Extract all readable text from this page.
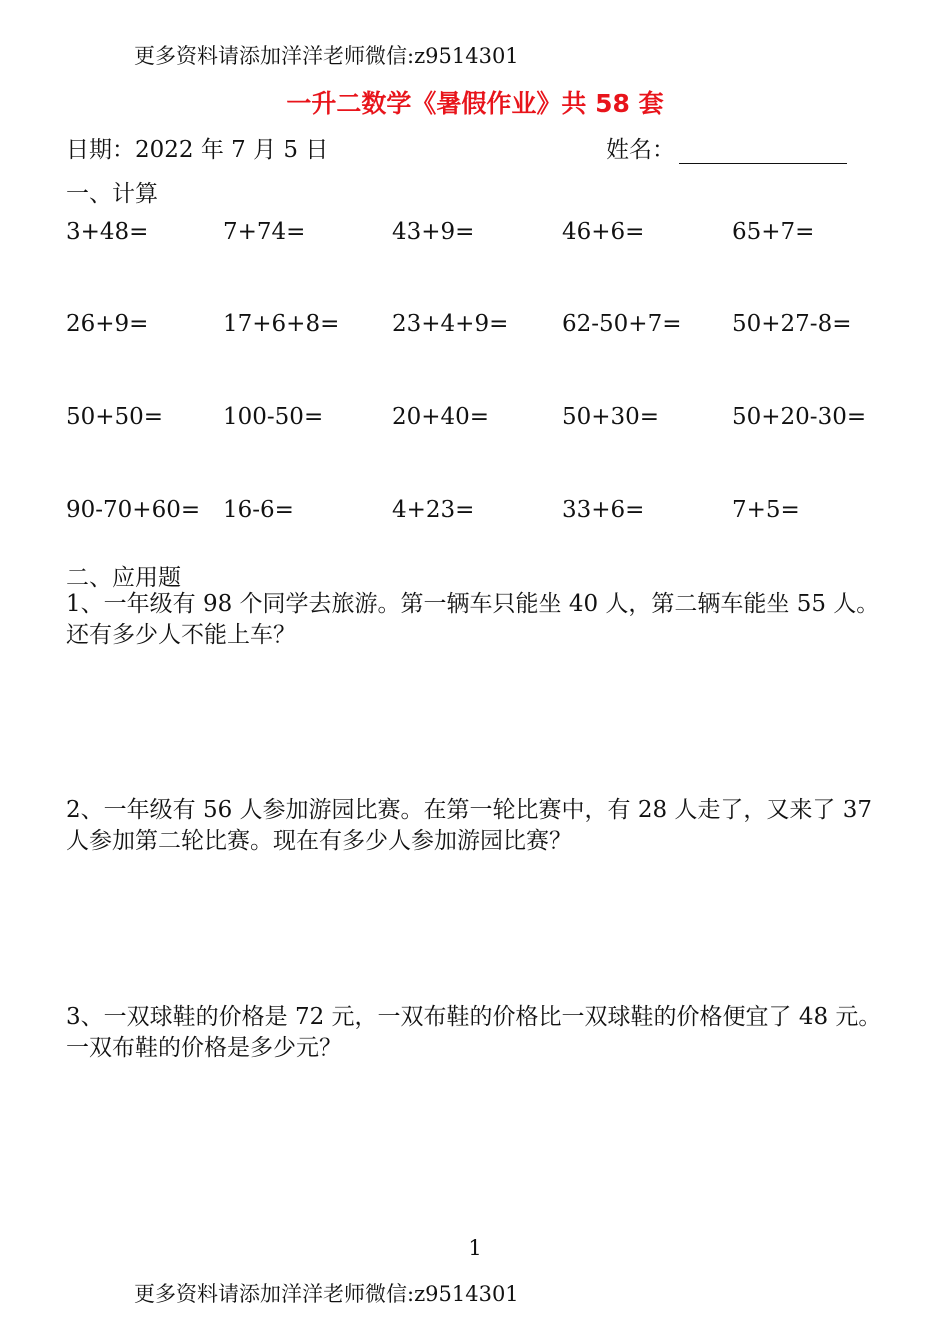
更多资料请添加洋洋老师微信:z9514301
一升二数学《暑假作业》共 58 套
日期：2022 年 7 月 5 日	姓名：
一、计算
3+48=	7+74=	43+9=	46+6=	65+7=
26+9=	17+6+8= 23+4+9= 62-50+7= 50+27-8=
50+50=	100-50=	20+40=	50+30=	50+20-30=
90-70+60= 16-6=	4+23=	33+6=	7+5=
二、应用题
1、一年级有 98 个同学去旅游。第一辆车只能坐 40 人，第二辆车能坐 55 人。还有多少人不能上车？
2、一年级有 56 人参加游园比赛。在第一轮比赛中，有 28 人走了，又来了 37 人参加第二轮比赛。现在有多少人参加游园比赛？
3、一双球鞋的价格是 72 元，一双布鞋的价格比一双球鞋的价格便宜了 48 元。一双布鞋的价格是多少元？
1
更多资料请添加洋洋老师微信:z9514301
